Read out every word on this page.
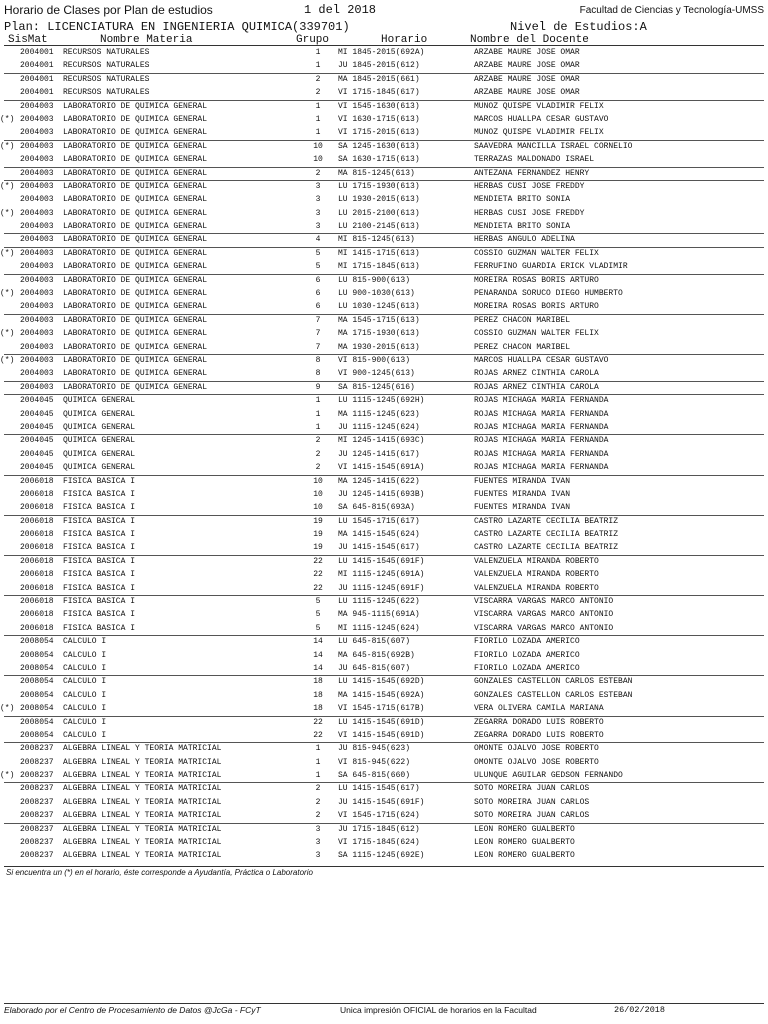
Horario de Clases por Plan de estudios	1 del 2018	Facultad de Ciencias y Tecnología-UMSS
Plan: LICENCIATURA EN INGENIERIA QUIMICA(339701)	Nivel de Estudios:A
SisMat	Nombre Materia	Grupo	Horario	Nombre del Docente
2004001 RECURSOS NATURALES	1	MI 1845-2015(692A)	ARZABE MAURE JOSE OMAR
2004001 RECURSOS NATURALES	1	JU 1845-2015(612)	ARZABE MAURE JOSE OMAR
2004001 RECURSOS NATURALES	2	MA 1845-2015(661)	ARZABE MAURE JOSE OMAR
2004001 RECURSOS NATURALES	2	VI 1715-1845(617)	ARZABE MAURE JOSE OMAR
2004003 LABORATORIO DE QUIMICA GENERAL	1	VI 1545-1630(613)	MUNOZ QUISPE VLADIMIR FELIX
(*) 2004003 LABORATORIO DE QUIMICA GENERAL	1	VI 1630-1715(613)	MARCOS HUALLPA CESAR GUSTAVO
2004003 LABORATORIO DE QUIMICA GENERAL	1	VI 1715-2015(613)	MUNOZ QUISPE VLADIMIR FELIX
(*) 2004003 LABORATORIO DE QUIMICA GENERAL	10	SA 1245-1630(613)	SAAVEDRA MANCILLA ISRAEL CORNELIO
2004003 LABORATORIO DE QUIMICA GENERAL	10	SA 1630-1715(613)	TERRAZAS MALDONADO ISRAEL
2004003 LABORATORIO DE QUIMICA GENERAL	2	MA 815-1245(613)	ANTEZANA FERNANDEZ HENRY
(*) 2004003 LABORATORIO DE QUIMICA GENERAL	3	LU 1715-1930(613)	HERBAS CUSI JOSE FREDDY
2004003 LABORATORIO DE QUIMICA GENERAL	3	LU 1930-2015(613)	MENDIETA BRITO SONIA
(*) 2004003 LABORATORIO DE QUIMICA GENERAL	3	LU 2015-2100(613)	HERBAS CUSI JOSE FREDDY
2004003 LABORATORIO DE QUIMICA GENERAL	3	LU 2100-2145(613)	MENDIETA BRITO SONIA
2004003 LABORATORIO DE QUIMICA GENERAL	4	MI 815-1245(613)	HERBAS ANGULO ADELINA
(*) 2004003 LABORATORIO DE QUIMICA GENERAL	5	MI 1415-1715(613)	COSSIO GUZMAN WALTER FELIX
2004003 LABORATORIO DE QUIMICA GENERAL	5	MI 1715-1845(613)	FERRUFINO GUARDIA ERICK VLADIMIR
2004003 LABORATORIO DE QUIMICA GENERAL	6	LU 815-900(613)	MOREIRA ROSAS BORIS ARTURO
(*) 2004003 LABORATORIO DE QUIMICA GENERAL	6	LU 900-1030(613)	PENARANDA SORUCO DIEGO HUMBERTO
2004003 LABORATORIO DE QUIMICA GENERAL	6	LU 1030-1245(613)	MOREIRA ROSAS BORIS ARTURO
2004003 LABORATORIO DE QUIMICA GENERAL	7	MA 1545-1715(613)	PEREZ CHACON MARIBEL
(*) 2004003 LABORATORIO DE QUIMICA GENERAL	7	MA 1715-1930(613)	COSSIO GUZMAN WALTER FELIX
2004003 LABORATORIO DE QUIMICA GENERAL	7	MA 1930-2015(613)	PEREZ CHACON MARIBEL
(*) 2004003 LABORATORIO DE QUIMICA GENERAL	8	VI 815-900(613)	MARCOS HUALLPA CESAR GUSTAVO
2004003 LABORATORIO DE QUIMICA GENERAL	8	VI 900-1245(613)	ROJAS ARNEZ CINTHIA CAROLA
2004003 LABORATORIO DE QUIMICA GENERAL	9	SA 815-1245(616)	ROJAS ARNEZ CINTHIA CAROLA
2004045 QUIMICA GENERAL	1	LU 1115-1245(692H)	ROJAS MICHAGA MARIA FERNANDA
2004045 QUIMICA GENERAL	1	MA 1115-1245(623)	ROJAS MICHAGA MARIA FERNANDA
2004045 QUIMICA GENERAL	1	JU 1115-1245(624)	ROJAS MICHAGA MARIA FERNANDA
2004045 QUIMICA GENERAL	2	MI 1245-1415(693C)	ROJAS MICHAGA MARIA FERNANDA
2004045 QUIMICA GENERAL	2	JU 1245-1415(617)	ROJAS MICHAGA MARIA FERNANDA
2004045 QUIMICA GENERAL	2	VI 1415-1545(691A)	ROJAS MICHAGA MARIA FERNANDA
2006018 FISICA BASICA I	10	MA 1245-1415(622)	FUENTES MIRANDA IVAN
2006018 FISICA BASICA I	10	JU 1245-1415(693B)	FUENTES MIRANDA IVAN
2006018 FISICA BASICA I	10	SA 645-815(693A)	FUENTES MIRANDA IVAN
2006018 FISICA BASICA I	19	LU 1545-1715(617)	CASTRO LAZARTE CECILIA BEATRIZ
2006018 FISICA BASICA I	19	MA 1415-1545(624)	CASTRO LAZARTE CECILIA BEATRIZ
2006018 FISICA BASICA I	19	JU 1415-1545(617)	CASTRO LAZARTE CECILIA BEATRIZ
2006018 FISICA BASICA I	22	LU 1415-1545(691F)	VALENZUELA MIRANDA ROBERTO
2006018 FISICA BASICA I	22	MI 1115-1245(691A)	VALENZUELA MIRANDA ROBERTO
2006018 FISICA BASICA I	22	JU 1115-1245(691F)	VALENZUELA MIRANDA ROBERTO
2006018 FISICA BASICA I	5	LU 1115-1245(622)	VISCARRA VARGAS MARCO ANTONIO
2006018 FISICA BASICA I	5	MA 945-1115(691A)	VISCARRA VARGAS MARCO ANTONIO
2006018 FISICA BASICA I	5	MI 1115-1245(624)	VISCARRA VARGAS MARCO ANTONIO
2008054 CALCULO I	14	LU 645-815(607)	FIORILO LOZADA AMERICO
2008054 CALCULO I	14	MA 645-815(692B)	FIORILO LOZADA AMERICO
2008054 CALCULO I	14	JU 645-815(607)	FIORILO LOZADA AMERICO
2008054 CALCULO I	18	LU 1415-1545(692D)	GONZALES CASTELLON CARLOS ESTEBAN
2008054 CALCULO I	18	MA 1415-1545(692A)	GONZALES CASTELLON CARLOS ESTEBAN
(*) 2008054 CALCULO I	18	VI 1545-1715(617B)	VERA OLIVERA CAMILA MARIANA
2008054 CALCULO I	22	LU 1415-1545(691D)	ZEGARRA DORADO LUIS ROBERTO
2008054 CALCULO I	22	VI 1415-1545(691D)	ZEGARRA DORADO LUIS ROBERTO
2008237 ALGEBRA LINEAL Y TEORIA MATRICIAL	1	JU 815-945(623)	OMONTE OJALVO JOSE ROBERTO
2008237 ALGEBRA LINEAL Y TEORIA MATRICIAL	1	VI 815-945(622)	OMONTE OJALVO JOSE ROBERTO
(*) 2008237 ALGEBRA LINEAL Y TEORIA MATRICIAL	1	SA 645-815(660)	ULUNQUE AGUILAR GEDSON FERNANDO
2008237 ALGEBRA LINEAL Y TEORIA MATRICIAL	2	LU 1415-1545(617)	SOTO MOREIRA JUAN CARLOS
2008237 ALGEBRA LINEAL Y TEORIA MATRICIAL	2	JU 1415-1545(691F)	SOTO MOREIRA JUAN CARLOS
2008237 ALGEBRA LINEAL Y TEORIA MATRICIAL	2	VI 1545-1715(624)	SOTO MOREIRA JUAN CARLOS
2008237 ALGEBRA LINEAL Y TEORIA MATRICIAL	3	JU 1715-1845(612)	LEON ROMERO GUALBERTO
2008237 ALGEBRA LINEAL Y TEORIA MATRICIAL	3	VI 1715-1845(624)	LEON ROMERO GUALBERTO
2008237 ALGEBRA LINEAL Y TEORIA MATRICIAL	3	SA 1115-1245(692E)	LEON ROMERO GUALBERTO
Si encuentra un (*) en el horario, éste corresponde a Ayudantía, Práctica o Laboratorio
Elaborado por el Centro de Procesamiento de Datos @JcGa - FCyT	Unica impresión OFICIAL de horarios en la Facultad	26/02/2018
